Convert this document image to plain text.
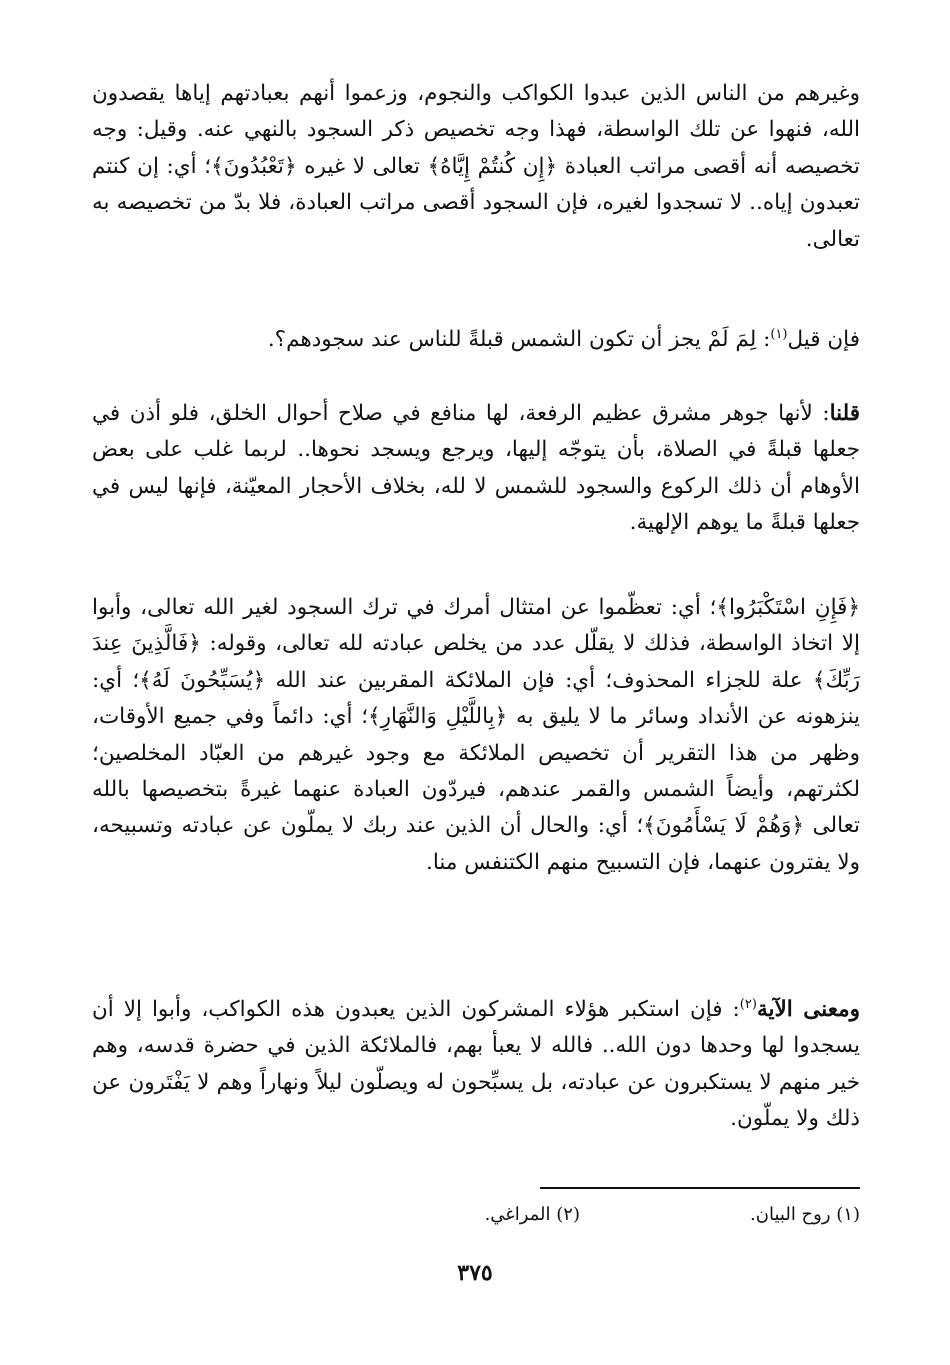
وغيرهم من الناس الذين عبدوا الكواكب والنجوم، وزعموا أنهم بعبادتهم إياها يقصدون الله، فنهوا عن تلك الواسطة، فهذا وجه تخصيص ذكر السجود بالنهي عنه. وقيل: وجه تخصيصه أنه أقصى مراتب العبادة ﴿إِن كُنتُمْ إِيَّاهُ﴾ تعالى لا غيره ﴿تَعْبُدُونَ﴾؛ أي: إن كنتم تعبدون إياه.. لا تسجدوا لغيره، فإن السجود أقصى مراتب العبادة، فلا بدّ من تخصيصه به تعالى.

فإن قيل$^{(١)}$: لِمَ لَمْ يجز أن تكون الشمس قبلةً للناس عند سجودهم؟.

قلنا: لأنها جوهر مشرق عظيم الرفعة، لها منافع في صلاح أحوال الخلق، فلو أذن في جعلها قبلةً في الصلاة، بأن يتوجّه إليها، ويرجع ويسجد نحوها.. لربما غلب على بعض الأوهام أن ذلك الركوع والسجود للشمس لا لله، بخلاف الأحجار المعيّنة، فإنها ليس في جعلها قبلةً ما يوهم الإلهية.

﴿فَإِنِ اسْتَكْبَرُوا﴾؛ أي: تعظّموا عن امتثال أمرك في ترك السجود لغير الله تعالى، وأبوا إلا اتخاذ الواسطة، فذلك لا يقلّل عدد من يخلص عبادته لله تعالى، وقوله: ﴿فَالَّذِينَ عِندَ رَبِّكَ﴾ علة للجزاء المحذوف؛ أي: فإن الملائكة المقربين عند الله ﴿يُسَبِّحُونَ لَهُ﴾؛ أي: ينزهونه عن الأنداد وسائر ما لا يليق به ﴿بِاللَّيْلِ وَالنَّهَارِ﴾؛ أي: دائماً وفي جميع الأوقات، وظهر من هذا التقرير أن تخصيص الملائكة مع وجود غيرهم من العبّاد المخلصين؛ لكثرتهم، وأيضاً الشمس والقمر عندهم، فيردّون العبادة عنهما غيرةً بتخصيصها بالله تعالى ﴿وَهُمْ لَا يَسْأَمُونَ﴾؛ أي: والحال أن الذين عند ربك لا يملّون عن عبادته وتسبيحه، ولا يفترون عنهما، فإن التسبيح منهم الكتنفس منا.

ومعنى الآية$^{(٢)}$: فإن استكبر هؤلاء المشركون الذين يعبدون هذه الكواكب، وأبوا إلا أن يسجدوا لها وحدها دون الله.. فالله لا يعبأ بهم، فالملائكة الذين في حضرة قدسه، وهم خير منهم لا يستكبرون عن عبادته، بل يسبِّحون له ويصلّون ليلاً ونهاراً وهم لا يَفْتَرون عن ذلك ولا يملّون.

(١) روح البيان.
(٢) المراغي.
٣٧٥
